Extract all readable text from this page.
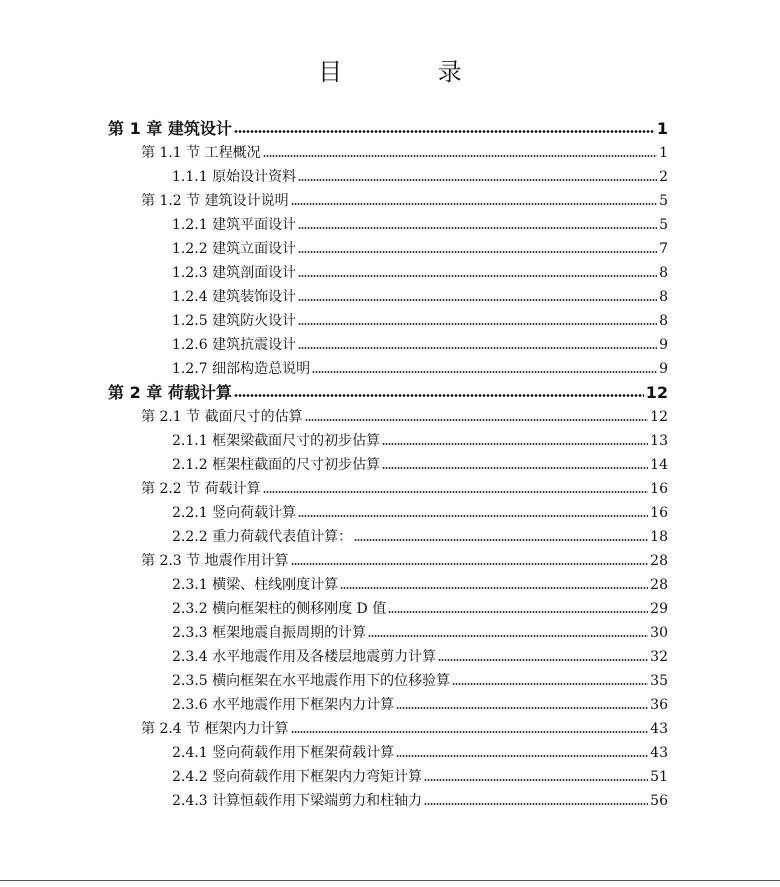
目 录
第 1 章 建筑设计	1
第 1.1 节 工程概况	1
1.1.1 原始设计资料	2
第 1.2 节 建筑设计说明	5
1.2.1 建筑平面设计	5
1.2.2 建筑立面设计	7
1.2.3 建筑剖面设计	8
1.2.4 建筑装饰设计	8
1.2.5 建筑防火设计	8
1.2.6 建筑抗震设计	9
1.2.7 细部构造总说明	9
第 2 章 荷载计算	12
第 2.1 节 截面尺寸的估算	12
2.1.1 框架梁截面尺寸的初步估算	13
2.1.2 框架柱截面的尺寸初步估算	14
第 2.2 节 荷载计算	16
2.2.1 竖向荷载计算	16
2.2.2 重力荷载代表值计算：	18
第 2.3 节 地震作用计算	28
2.3.1 横梁、柱线刚度计算	28
2.3.2 横向框架柱的侧移刚度 D 值	29
2.3.3 框架地震自振周期的计算	30
2.3.4 水平地震作用及各楼层地震剪力计算	32
2.3.5 横向框架在水平地震作用下的位移验算	35
2.3.6 水平地震作用下框架内力计算	36
第 2.4 节 框架内力计算	43
2.4.1 竖向荷载作用下框架荷载计算	43
2.4.2 竖向荷载作用下框架内力弯矩计算	51
2.4.3 计算恒载作用下梁端剪力和柱轴力	56
